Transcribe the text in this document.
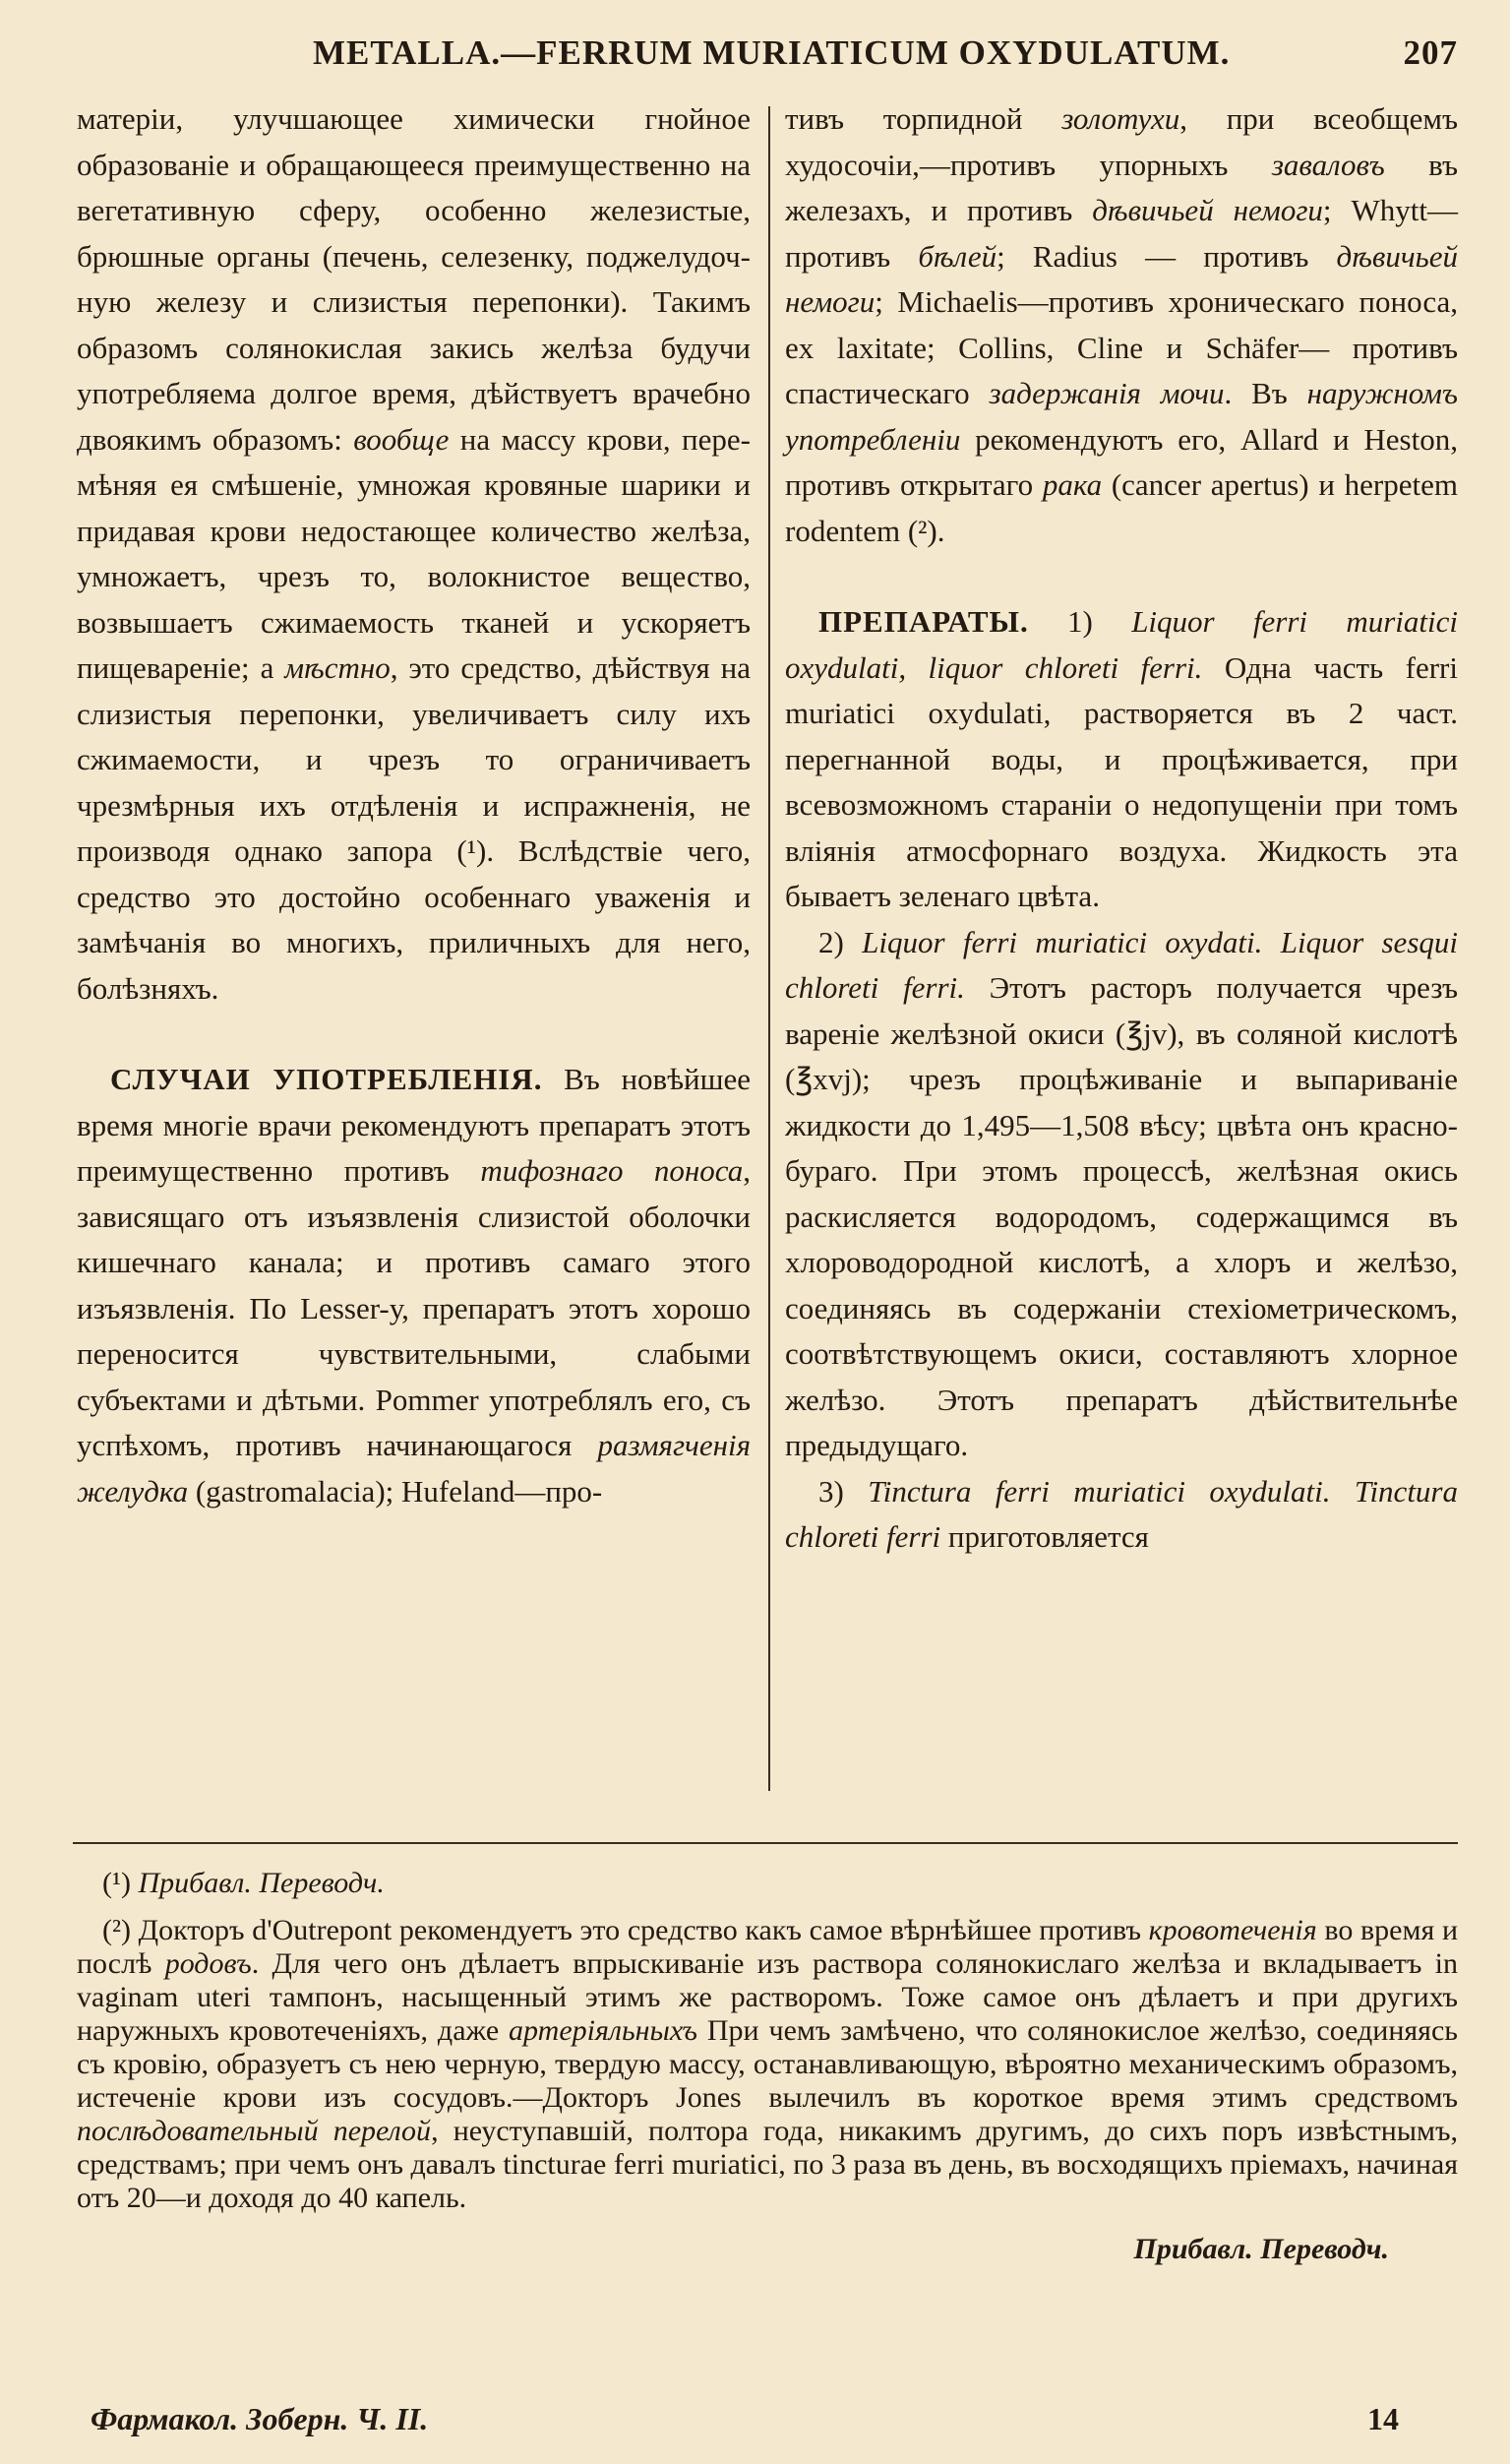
METALLA.—FERRUM MURIATICUM OXYDULATUM.	207

матеріи, улучшающее химически гнойное образованіе и обращающееся преимущественно на вегетативную сферу, особенно железистые, брюшные органы (печень, селезенку, поджелудочную железу и слизистыя перепонки). Такимъ образомъ солянокислая закись желѣза будучи употребляема долгое время, дѣйствуетъ врачебно двоякимъ образомъ: вообще на массу крови, перемѣняя ея смѣшеніе, умножая кровяные шарики и придавая крови недостающее количество желѣза, умножаетъ, чрезъ то, волокнистое вещество, возвышаетъ сжимаемость тканей и ускоряетъ пищевареніе; а мѣстно, это средство, дѣйствуя на слизистыя перепонки, увеличиваетъ силу ихъ сжимаемости, и чрезъ то ограничиваетъ чрезмѣрныя ихъ отдѣленія и испражненія, не производя однако запора (¹). Вслѣдствіе чего, средство это достойно особеннаго уваженія и замѣчанія во многихъ, приличныхъ для него, болѣзняхъ.

СЛУЧАИ УПОТРЕБЛЕНІЯ. Въ новѣйшее время многіе врачи рекомендуютъ препаратъ этотъ преимущественно противъ тифознаго поноса, зависящаго отъ изъязвленія слизистой оболочки кишечнаго канала; и противъ самаго этого изъязвленія. По Lesser-у, препаратъ этотъ хорошо переносится чувствительными, слабыми субъектами и дѣтьми. Pommer употреблялъ его, съ успѣхомъ, противъ начинающагося размягченія желудка (gastromalacia); Hufeland—про-

тивъ торпидной золотухи, при всеобщемъ худосочіи,—противъ упорныхъ заваловъ въ железахъ, и противъ дѣвичьей немоги; Whytt—противъ бѣлей; Radius — противъ дѣвичьей немоги; Michaelis—противъ хроническаго поноса, ex laxitate; Collins, Cline и Schäfer— противъ спастическаго задержанія мочи. Въ наружномъ употребленіи рекомендуютъ его, Allard и Heston, противъ открытаго рака (cancer apertus) и herpetem rodentem (²).

ПРЕПАРАТЫ. 1) Liquor ferri muriatici oxydulati, liquor chloreti ferri. Одна часть ferri muriatici oxydulati, растворяется въ 2 част. перегнанной воды, и процѣживается, при всевозможномъ стараніи о недопущеніи при томъ вліянія атмосфорнаго воздуха. Жидкость эта бываетъ зеленаго цвѣта.

2) Liquor ferri muriatici oxydati. Liquor sesqui chloreti ferri. Этотъ расторъ получается чрезъ вареніе желѣзной окиси (℥jv), въ соляной кислотѣ (℥xvj); чрезъ процѣживаніе и выпариваніе жидкости до 1,495—1,508 вѣсу; цвѣта онъ краснобураго. При этомъ процессѣ, желѣзная окись раскисляется водородомъ, содержащимся въ хлороводородной кислотѣ, а хлоръ и желѣзо, соединяясь въ содержаніи стехіометрическомъ, соотвѣтствующемъ окиси, составляютъ хлорное желѣзо. Этотъ препаратъ дѣйствительнѣе предыдущаго.

3) Tinctura ferri muriatici oxydulati. Tinctura chloreti ferri приготовляется

(¹) Прибавл. Переводч.

(²) Докторъ d'Outrepont рекомендуетъ это средство какъ самое вѣрнѣйшее противъ кровотеченія во время и послѣ родовъ. Для чего онъ дѣлаетъ впрыскиваніе изъ раствора солянокислаго желѣза и вкладываетъ in vaginam uteri тампонъ, насыщенный этимъ же растворомъ. Тоже самое онъ дѣлаетъ и при другихъ наружныхъ кровотеченіяхъ, даже артеріяльныхъ При чемъ замѣчено, что солянокислое желѣзо, соединяясь съ кровію, образуетъ съ нею черную, твердую массу, останавливающую, вѣроятно механическимъ образомъ, истеченіе крови изъ сосудовъ.—Докторъ Jones вылечилъ въ короткое время этимъ средствомъ послѣдовательный перелой, неуступавшій, полтора года, никакимъ другимъ, до сихъ поръ извѣстнымъ, средствамъ; при чемъ онъ давалъ tincturae ferri muriatici, по 3 раза въ день, въ восходящихъ пріемахъ, начиная отъ 20—и доходя до 40 капель.

Прибавл. Переводч.

Фармакол. Зоберн. Ч. II.	14
